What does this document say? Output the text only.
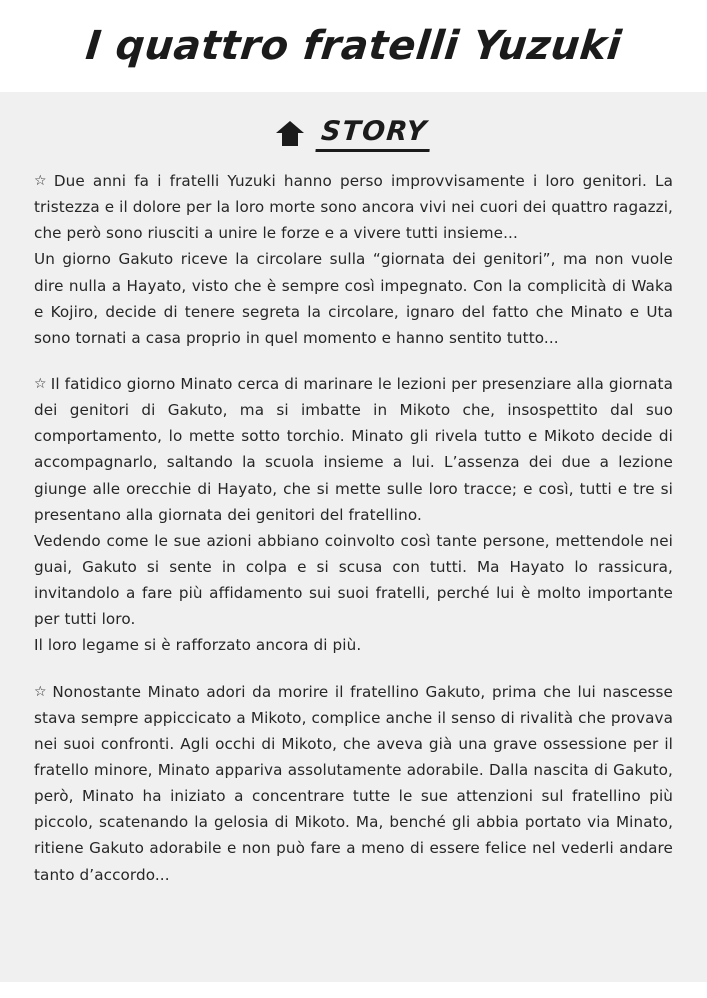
I quattro fratelli Yuzuki
STORY

☆ Due anni fa i fratelli Yuzuki hanno perso improvvisamente i loro genitori. La tristezza e il dolore per la loro morte sono ancora vivi nei cuori dei quattro ragazzi, che però sono riusciti a unire le forze e a vivere tutti insieme...

Un giorno Gakuto riceve la circolare sulla “giornata dei genitori”, ma non vuole dire nulla a Hayato, visto che è sempre così impegnato. Con la complicità di Waka e Kojiro, decide di tenere segreta la circolare, ignaro del fatto che Minato e Uta sono tornati a casa proprio in quel momento e hanno sentito tutto...

☆ Il fatidico giorno Minato cerca di marinare le lezioni per presenziare alla giornata dei genitori di Gakuto, ma si imbatte in Mikoto che, insospettito dal suo comportamento, lo mette sotto torchio. Minato gli rivela tutto e Mikoto decide di accompagnarlo, saltando la scuola insieme a lui. L’assenza dei due a lezione giunge alle orecchie di Hayato, che si mette sulle loro tracce; e così, tutti e tre si presentano alla giornata dei genitori del fratellino.

Vedendo come le sue azioni abbiano coinvolto così tante persone, mettendole nei guai, Gakuto si sente in colpa e si scusa con tutti. Ma Hayato lo rassicura, invitandolo a fare più affidamento sui suoi fratelli, perché lui è molto importante per tutti loro.

Il loro legame si è rafforzato ancora di più.

☆ Nonostante Minato adori da morire il fratellino Gakuto, prima che lui nascesse stava sempre appiccicato a Mikoto, complice anche il senso di rivalità che provava nei suoi confronti. Agli occhi di Mikoto, che aveva già una grave ossessione per il fratello minore, Minato appariva assolutamente adorabile. Dalla nascita di Gakuto, però, Minato ha iniziato a concentrare tutte le sue attenzioni sul fratellino più piccolo, scatenando la gelosia di Mikoto. Ma, benché gli abbia portato via Minato, ritiene Gakuto adorabile e non può fare a meno di essere felice nel vederli andare tanto d’accordo...
